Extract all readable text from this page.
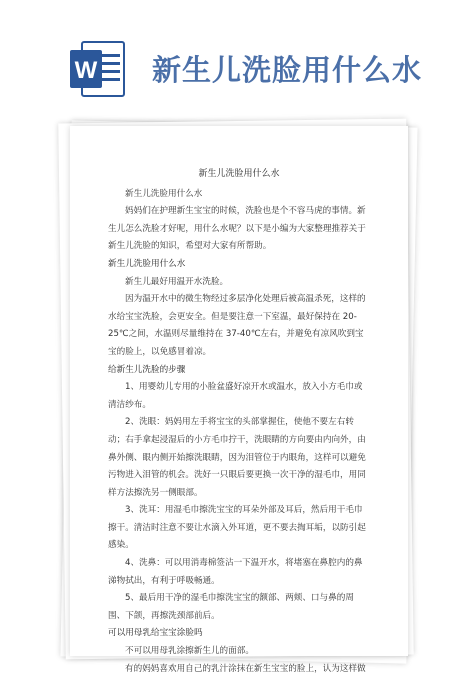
W 新生儿洗脸用什么水

新生儿洗脸用什么水

新生儿洗脸用什么水

妈妈们在护理新生宝宝的时候，洗脸也是个不容马虎的事情。新生儿怎么洗脸才好呢，用什么水呢？以下是小编为大家整理推荐关于新生儿洗脸的知识，希望对大家有所帮助。

新生儿洗脸用什么水

新生儿最好用温开水洗脸。

因为温开水中的微生物经过多层净化处理后被高温杀死，这样的水给宝宝洗脸，会更安全。但是要注意一下室温，最好保持在 20-25℃之间，水温则尽量维持在 37-40℃左右，并避免有凉风吹到宝宝的脸上，以免感冒着凉。

给新生儿洗脸的步骤

1、用婴幼儿专用的小脸盆盛好凉开水或温水，放入小方毛巾或清洁纱布。

2、洗眼：妈妈用左手将宝宝的头部掌握住，使他不要左右转动；右手拿起浸湿后的小方毛巾拧干，洗眼睛的方向要由内向外，由鼻外侧、眼内侧开始擦洗眼睛，因为泪管位于内眼角，这样可以避免污物进入泪管的机会。洗好一只眼后要更换一次干净的湿毛巾，用同样方法擦洗另一侧眼部。

3、洗耳：用湿毛巾擦洗宝宝的耳朵外部及耳后，然后用干毛巾擦干。清洁时注意不要让水滴入外耳道，更不要去掏耳垢，以防引起感染。

4、洗鼻：可以用消毒棉签沾一下温开水，将堵塞在鼻腔内的鼻涕物拭出，有利于呼吸畅通。

5、最后用干净的湿毛巾擦洗宝宝的额部、两颊、口与鼻的周围、下颌，再擦洗颈部前后。

可以用母乳给宝宝涂脸吗

不可以用母乳涂擦新生儿的面部。

有的妈妈喜欢用自己的乳汁涂抹在新生宝宝的脸上，认为这样做
